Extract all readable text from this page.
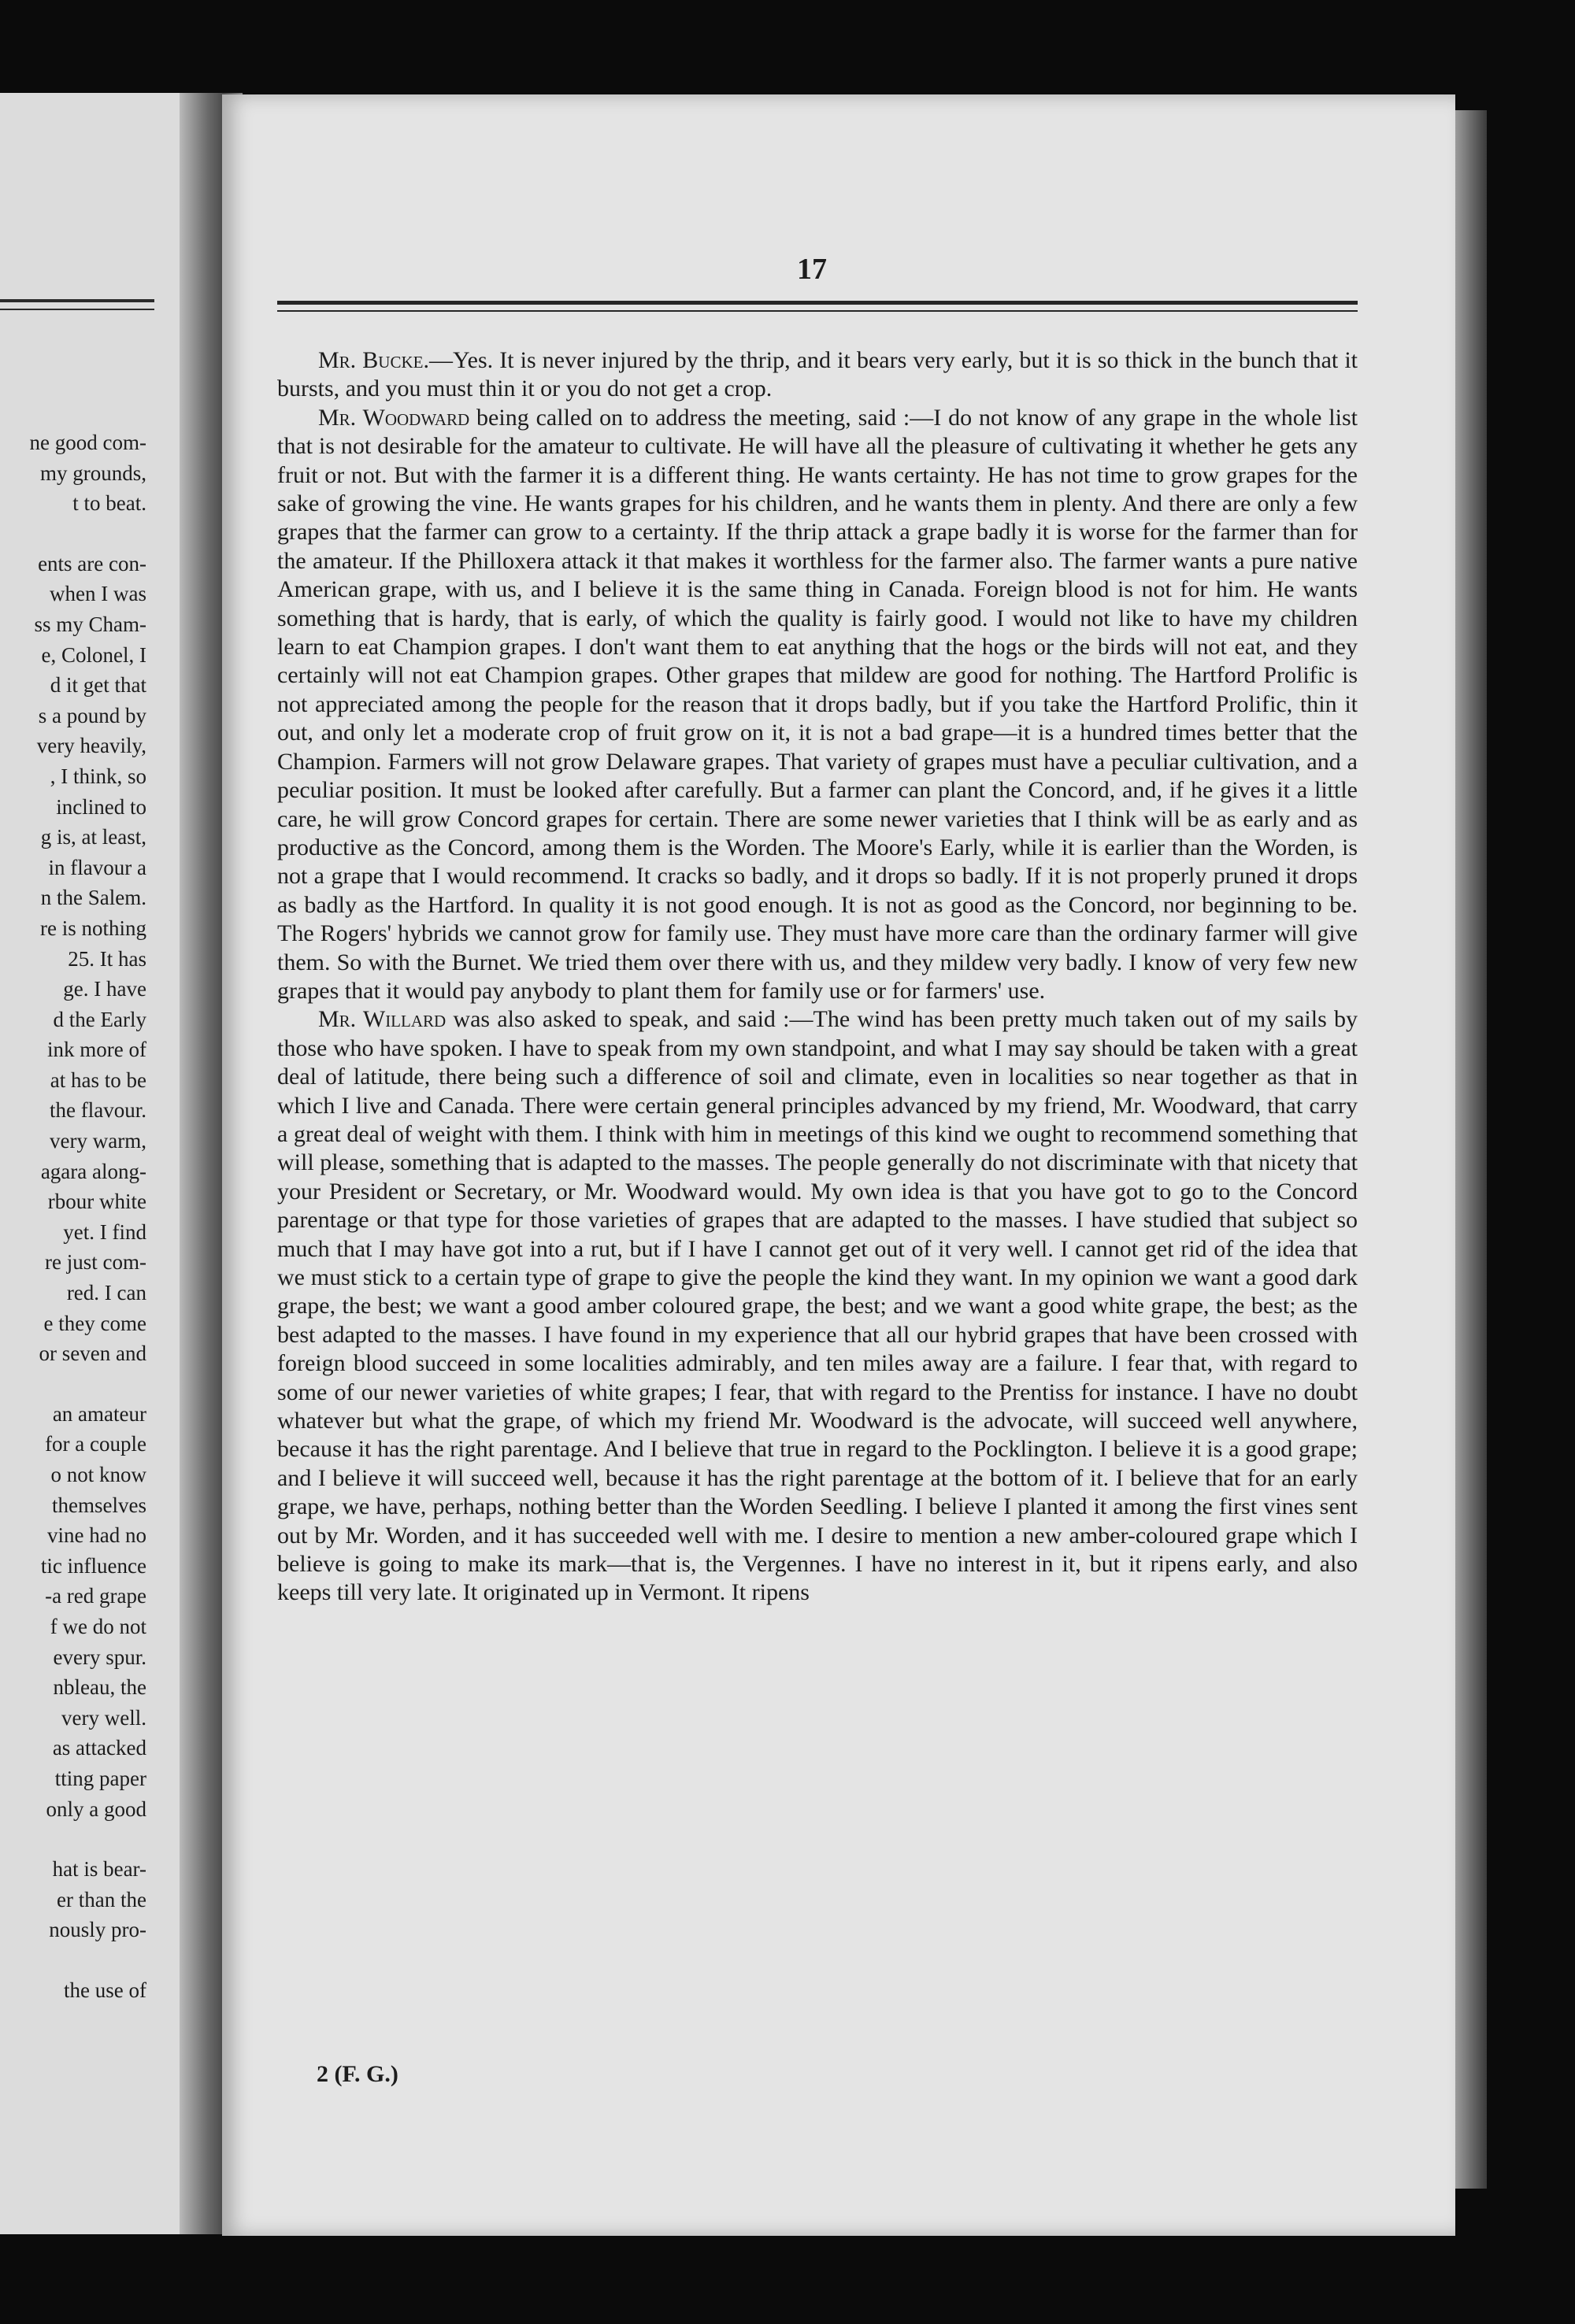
ne good com-
my grounds,
t to beat.
ents are con-
when I was
ss my Cham-
e, Colonel, I
d it get that
s a pound by
very heavily,
, I think, so
inclined to
g is, at least,
in flavour a
n the Salem.
re is nothing
25. It has
ge. I have
d the Early
ink more of
at has to be
the flavour.
very warm,
agara along-
rbour white
yet. I find
re just com-
red. I can
e they come
or seven and
an amateur
for a couple
o not know
themselves
vine had no
tic influence
-a red grape
f we do not
every spur.
nbleau, the
very well.
as attacked
tting paper
only a good
hat is bear-
er than the
nously pro-
the use of
17

Mr. Bucke.—Yes. It is never injured by the thrip, and it bears very early, but it is so thick in the bunch that it bursts, and you must thin it or you do not get a crop.

Mr. Woodward being called on to address the meeting, said :—I do not know of any grape in the whole list that is not desirable for the amateur to cultivate. He will have all the pleasure of cultivating it whether he gets any fruit or not. But with the farmer it is a different thing. He wants certainty. He has not time to grow grapes for the sake of growing the vine. He wants grapes for his children, and he wants them in plenty. And there are only a few grapes that the farmer can grow to a certainty. If the thrip attack a grape badly it is worse for the farmer than for the amateur. If the Philloxera attack it that makes it worthless for the farmer also. The farmer wants a pure native American grape, with us, and I believe it is the same thing in Canada. Foreign blood is not for him. He wants something that is hardy, that is early, of which the quality is fairly good. I would not like to have my children learn to eat Champion grapes. I don't want them to eat anything that the hogs or the birds will not eat, and they certainly will not eat Champion grapes. Other grapes that mildew are good for nothing. The Hartford Prolific is not appreciated among the people for the reason that it drops badly, but if you take the Hartford Prolific, thin it out, and only let a moderate crop of fruit grow on it, it is not a bad grape—it is a hundred times better that the Champion. Farmers will not grow Delaware grapes. That variety of grapes must have a peculiar cultivation, and a peculiar position. It must be looked after carefully. But a farmer can plant the Concord, and, if he gives it a little care, he will grow Concord grapes for certain. There are some newer varieties that I think will be as early and as productive as the Concord, among them is the Worden. The Moore's Early, while it is earlier than the Worden, is not a grape that I would recommend. It cracks so badly, and it drops so badly. If it is not properly pruned it drops as badly as the Hartford. In quality it is not good enough. It is not as good as the Concord, nor beginning to be. The Rogers' hybrids we cannot grow for family use. They must have more care than the ordinary farmer will give them. So with the Burnet. We tried them over there with us, and they mildew very badly. I know of very few new grapes that it would pay anybody to plant them for family use or for farmers' use.

Mr. Willard was also asked to speak, and said :—The wind has been pretty much taken out of my sails by those who have spoken. I have to speak from my own standpoint, and what I may say should be taken with a great deal of latitude, there being such a difference of soil and climate, even in localities so near together as that in which I live and Canada. There were certain general principles advanced by my friend, Mr. Woodward, that carry a great deal of weight with them. I think with him in meetings of this kind we ought to recommend something that will please, something that is adapted to the masses. The people generally do not discriminate with that nicety that your President or Secretary, or Mr. Woodward would. My own idea is that you have got to go to the Concord parentage or that type for those varieties of grapes that are adapted to the masses. I have studied that subject so much that I may have got into a rut, but if I have I cannot get out of it very well. I cannot get rid of the idea that we must stick to a certain type of grape to give the people the kind they want. In my opinion we want a good dark grape, the best; we want a good amber coloured grape, the best; and we want a good white grape, the best; as the best adapted to the masses. I have found in my experience that all our hybrid grapes that have been crossed with foreign blood succeed in some localities admirably, and ten miles away are a failure. I fear that, with regard to some of our newer varieties of white grapes; I fear, that with regard to the Prentiss for instance. I have no doubt whatever but what the grape, of which my friend Mr. Woodward is the advocate, will succeed well anywhere, because it has the right parentage. And I believe that true in regard to the Pocklington. I believe it is a good grape; and I believe it will succeed well, because it has the right parentage at the bottom of it. I believe that for an early grape, we have, perhaps, nothing better than the Worden Seedling. I believe I planted it among the first vines sent out by Mr. Worden, and it has succeeded well with me. I desire to mention a new amber-coloured grape which I believe is going to make its mark—that is, the Vergennes. I have no interest in it, but it ripens early, and also keeps till very late. It originated up in Vermont. It ripens

2 (F. G.)
